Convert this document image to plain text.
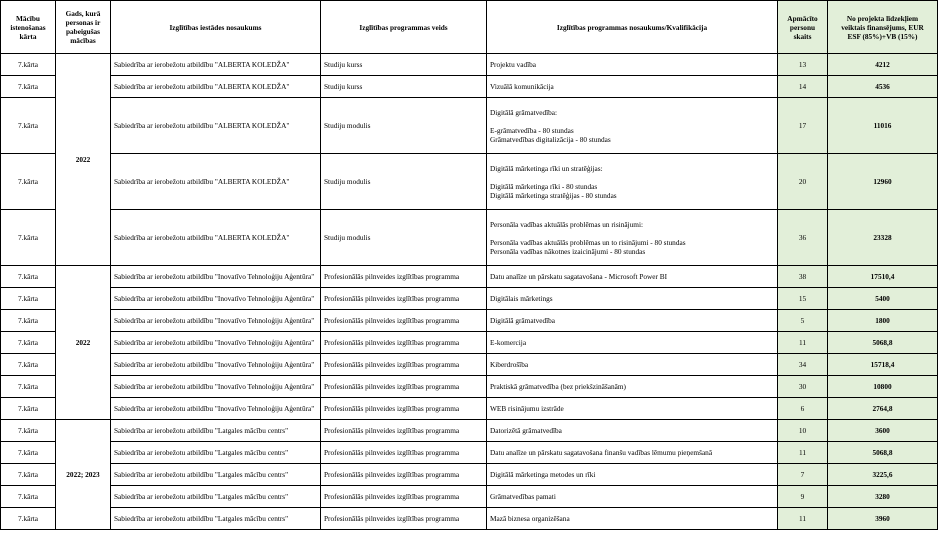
Mācību
istenošanas
kārta	Gads, kurā
personas ir
pabeigušas
mācības	Izglītības iestādes nosaukums	Izglītības programmas veids	Izglītības programmas nosaukums/Kvalifikācija	Apmācīto
personu
skaits	No projekta līdzekļiem
veiktais finansējums, EUR
ESF (85%)+VB (15%)
7.kārta	2022	Sabiedrība ar ierobežotu atbildību "ALBERTA KOLEDŽA"	Studiju kurss	Projektu vadība	13	4212
7.kārta		Sabiedrība ar ierobežotu atbildību "ALBERTA KOLEDŽA"	Studiju kurss	Vizuālā komunikācija	14	4536
7.kārta		Sabiedrība ar ierobežotu atbildību "ALBERTA KOLEDŽA"	Studiju modulis	Digitālā grāmatvedība:

E-grāmatvedība - 80 stundas
Grāmatvedības digitalizācija - 80 stundas	17	11016
7.kārta		Sabiedrība ar ierobežotu atbildību "ALBERTA KOLEDŽA"	Studiju modulis	Digitālā mārketinga rīki un stratēģijas:

Digitālā mārketinga rīki - 80 stundas
Digitālā mārketinga stratēģijas - 80 stundas	20	12960
7.kārta		Sabiedrība ar ierobežotu atbildību "ALBERTA KOLEDŽA"	Studiju modulis	Personāla vadības aktuālās problēmas un risinājumi:

Personāla vadības aktuālās problēmas un to risinājumi - 80 stundas
Personāla vadības nākotnes izaicinājumi - 80 stundas	36	23328
7.kārta	2022	Sabiedrība ar ierobežotu atbildību "Inovatīvo Tehnoloģiju Aģentūra"	Profesionālās pilnveides izglītības programma	Datu analīze un pārskatu sagatavošana - Microsoft Power BI	38	17510,4
7.kārta		Sabiedrība ar ierobežotu atbildību "Inovatīvo Tehnoloģiju Aģentūra"	Profesionālās pilnveides izglītības programma	Digitālais mārketings	15	5400
7.kārta		Sabiedrība ar ierobežotu atbildību "Inovatīvo Tehnoloģiju Aģentūra"	Profesionālās pilnveides izglītības programma	Digitālā grāmatvedība	5	1800
7.kārta		Sabiedrība ar ierobežotu atbildību "Inovatīvo Tehnoloģiju Aģentūra"	Profesionālās pilnveides izglītības programma	E-komercija	11	5068,8
7.kārta		Sabiedrība ar ierobežotu atbildību "Inovatīvo Tehnoloģiju Aģentūra"	Profesionālās pilnveides izglītības programma	Kiberdrošība	34	15718,4
7.kārta		Sabiedrība ar ierobežotu atbildību "Inovatīvo Tehnoloģiju Aģentūra"	Profesionālās pilnveides izglītības programma	Praktiskā grāmatvedība (bez priekšzināšanām)	30	10800
7.kārta		Sabiedrība ar ierobežotu atbildību "Inovatīvo Tehnoloģiju Aģentūra"	Profesionālās pilnveides izglītības programma	WEB risinājumu izstrāde	6	2764,8
7.kārta	2022; 2023	Sabiedrība ar ierobežotu atbildību "Latgales mācību centrs"	Profesionālās pilnveides izglītības programma	Datorizētā grāmatvedība	10	3600
7.kārta		Sabiedrība ar ierobežotu atbildību "Latgales mācību centrs"	Profesionālās pilnveides izglītības programma	Datu analīze un pārskatu sagatavošana finanšu vadības lēmumu pieņemšanā	11	5068,8
7.kārta		Sabiedrība ar ierobežotu atbildību "Latgales mācību centrs"	Profesionālās pilnveides izglītības programma	Digitālā mārketinga metodes un rīki	7	3225,6
7.kārta		Sabiedrība ar ierobežotu atbildību "Latgales mācību centrs"	Profesionālās pilnveides izglītības programma	Grāmatvedības pamati	9	3280
7.kārta		Sabiedrība ar ierobežotu atbildību "Latgales mācību centrs"	Profesionālās pilnveides izglītības programma	Mazā biznesa organizēšana	11	3960
